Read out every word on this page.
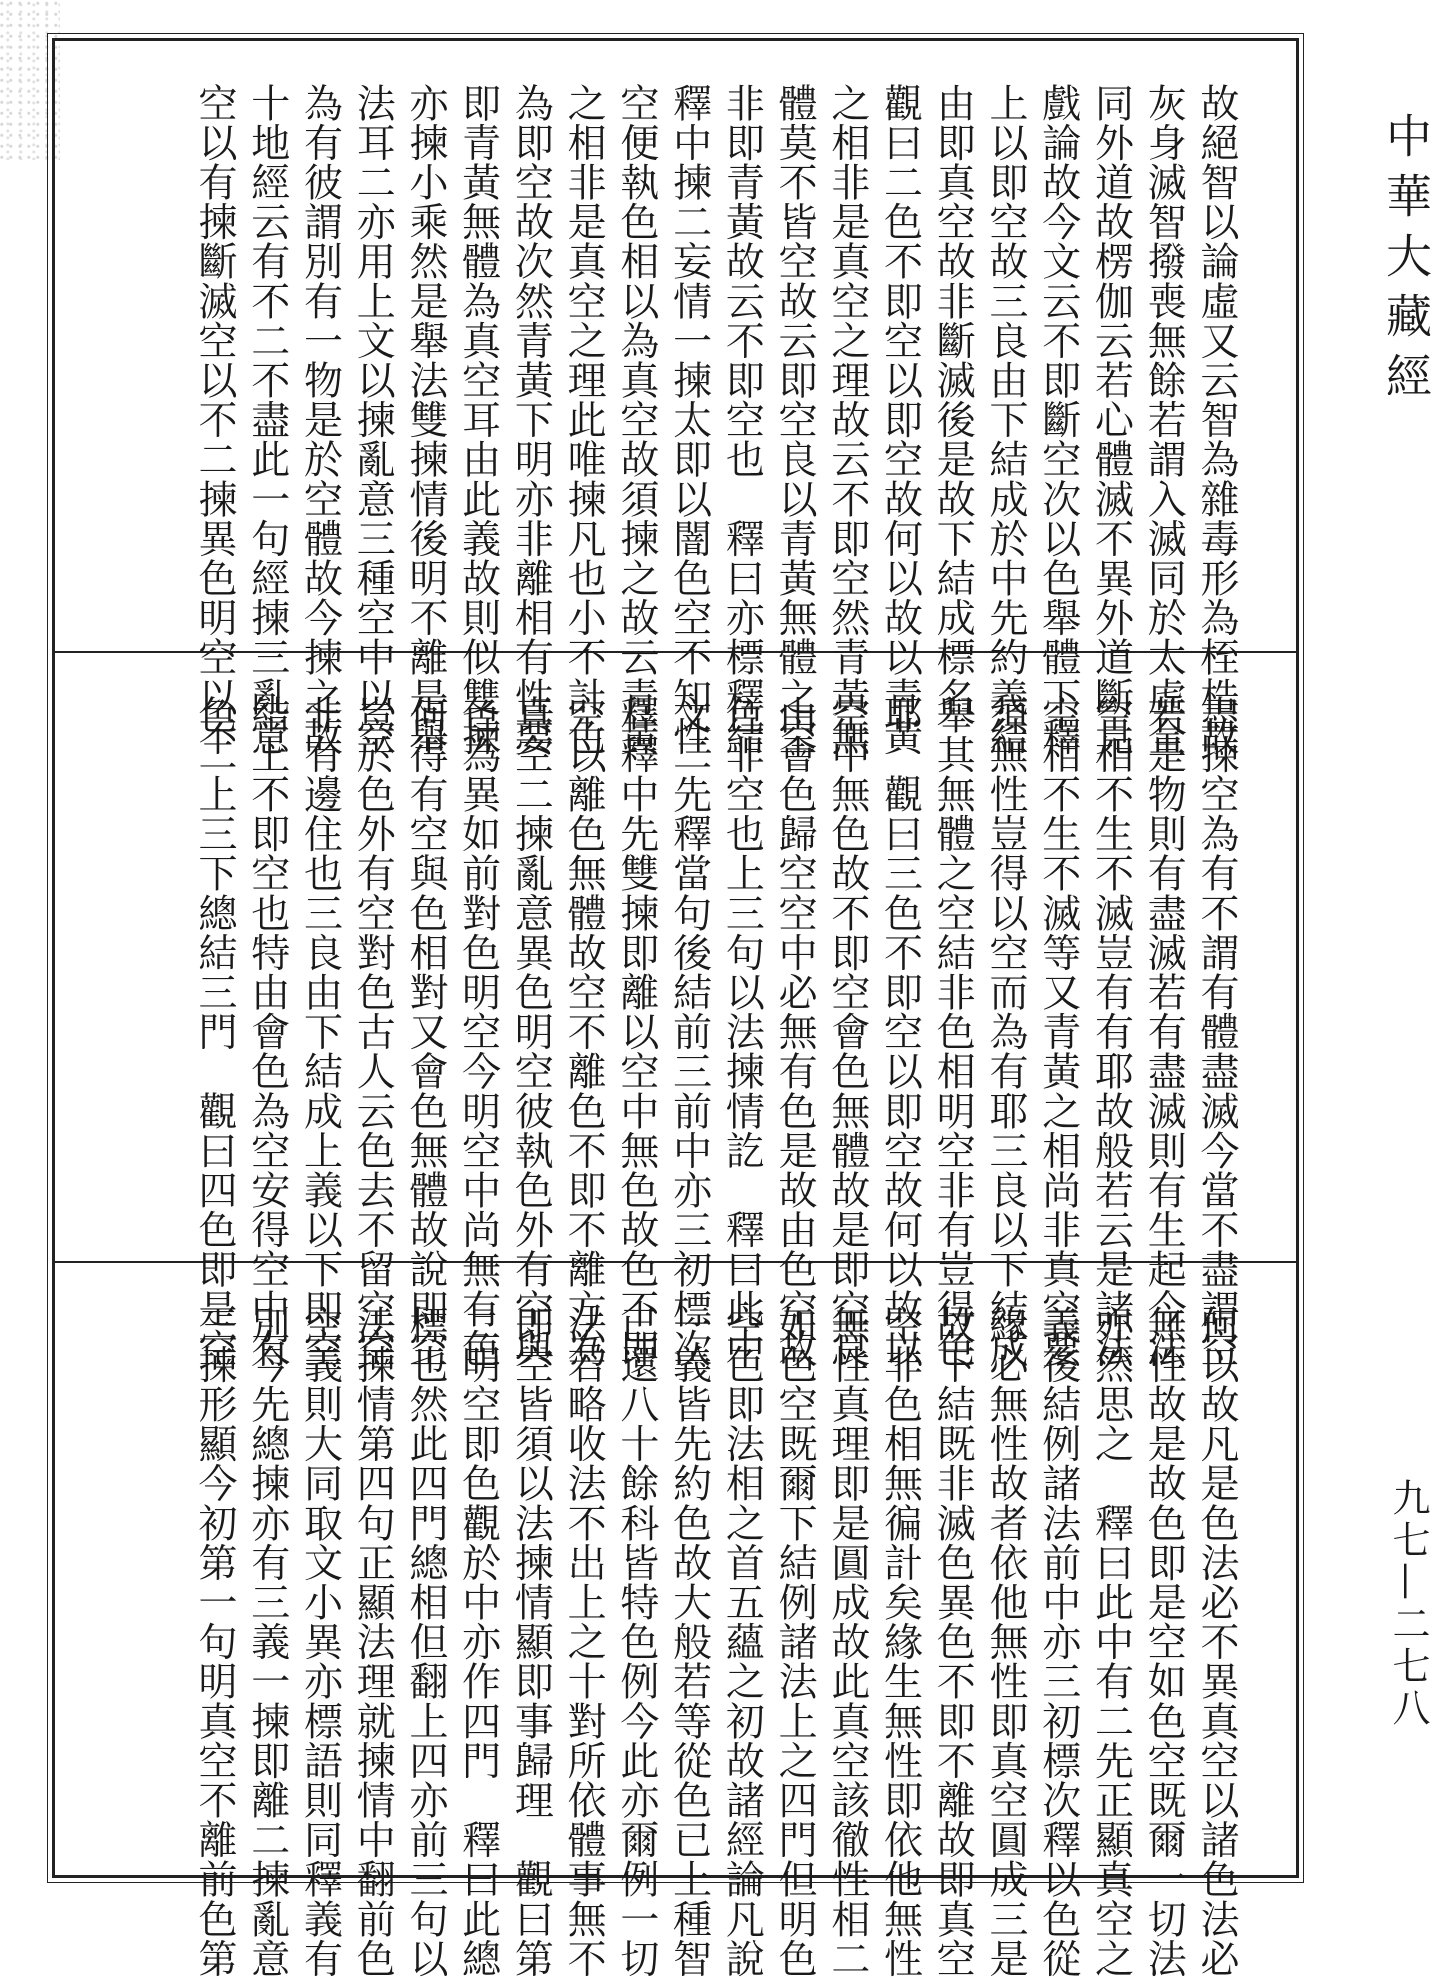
故絕智以論虛又云智為雜毒形為桎梏故
灰身滅智撥喪無餘若謂入滅同於太虛全
同外道故楞伽云若心體滅不異外道斷見
戲論故今文云不即斷空次以色舉體下釋
上以即空故三良由下結成於中先約義結
由即真空故非斷滅後是故下結成標名
觀曰二色不即空以即空故何以故以青黃
之相非是真空之理故云不即空然青黃無
體莫不皆空故云即空良以青黃無體之空
非即青黃故云不即空也　釋曰亦標釋結
釋中揀二妄情一揀太即以闇色空不知性
空便執色相以為真空故須揀之故云青黃
之相非是真空之理此唯揀凡也小不計色
為即空故次然青黃下明亦非離相有性要
即青黃無體為真空耳由此義故則似雙揀
亦揀小乘然是舉法雙揀情後明不離是舉
法耳二亦用上文以揀亂意三種空中以空
為有彼謂別有一物是於空體故今揀之故
十地經云有不二不盡此一句經揀三亂意
空以有揀斷滅空以不二揀異色明空以不
盡揀空為有不謂有體盡滅今當不盡謂空
若是物則有盡滅若有盡滅則有生起今法
空相不生不滅豈有有耶故般若云是諸法
空相不生不滅等又青黃之相尚非真空要
須無性豈得以空而為有耶三良以下結成
舉其無體之空結非色相明空非有豈得色
耶　觀曰三色不即空以即空故何以故以
空中無色故不即空會色無體故是即空良
由會色歸空空中必無有色是故由色空故
色非空也上三句以法揀情訖　釋曰此中
文二先釋當句後結前三前中亦三初標次
釋釋中先雙揀即離以空中無色故色不即
空以離色無體故空不離色不即不離方為
真空二揀亂意異色明空彼執色外有空與
色為異如前對色明空今明空中尚無有色
何得有空與色相對又會色無體故說即空
豈於色外有空對色古人云色去不留空空
非有邊住也三良由下結成上義以下即空
結上不即空也特由會色為空安得空中有
色二上三下總結三門　觀曰四色即是空
何以故凡是色法必不異真空以諸色法必
無性故是故色即是空如色空既爾一切法
亦然思之　釋曰此中有二先正顯真空之
義後結例諸法前中亦三初標次釋以色從
緣必無性故者依他無性即真空圓成三是
故下結既非滅色異色不即不離故即真空
空非色相無徧計矣緣生無性即依他無性
無性真理即是圓成故此真空該徹性相二
如色空既爾下結例諸法上之四門但明色
空色即法相之首五蘊之初故諸經論凡說
一義皆先約色故大般若等從色已上種智
已還八十餘科皆特色例今此亦爾例一切
法若略收法不出上之十對所依體事無不
即空皆須以法揀情顯即事歸理　觀曰第
二明空即色觀於中亦作四門　釋曰此總
標也然此四門總相但翻上四亦前三句以
法揀情第四句正顯法理就揀情中翻前色
空義則大同取文小異亦標語則同釋義有
別今先總揀亦有三義一揀即離二揀亂意
三揀形顯今初第一句明真空不離前色第
中華大藏經
九七—二七八
